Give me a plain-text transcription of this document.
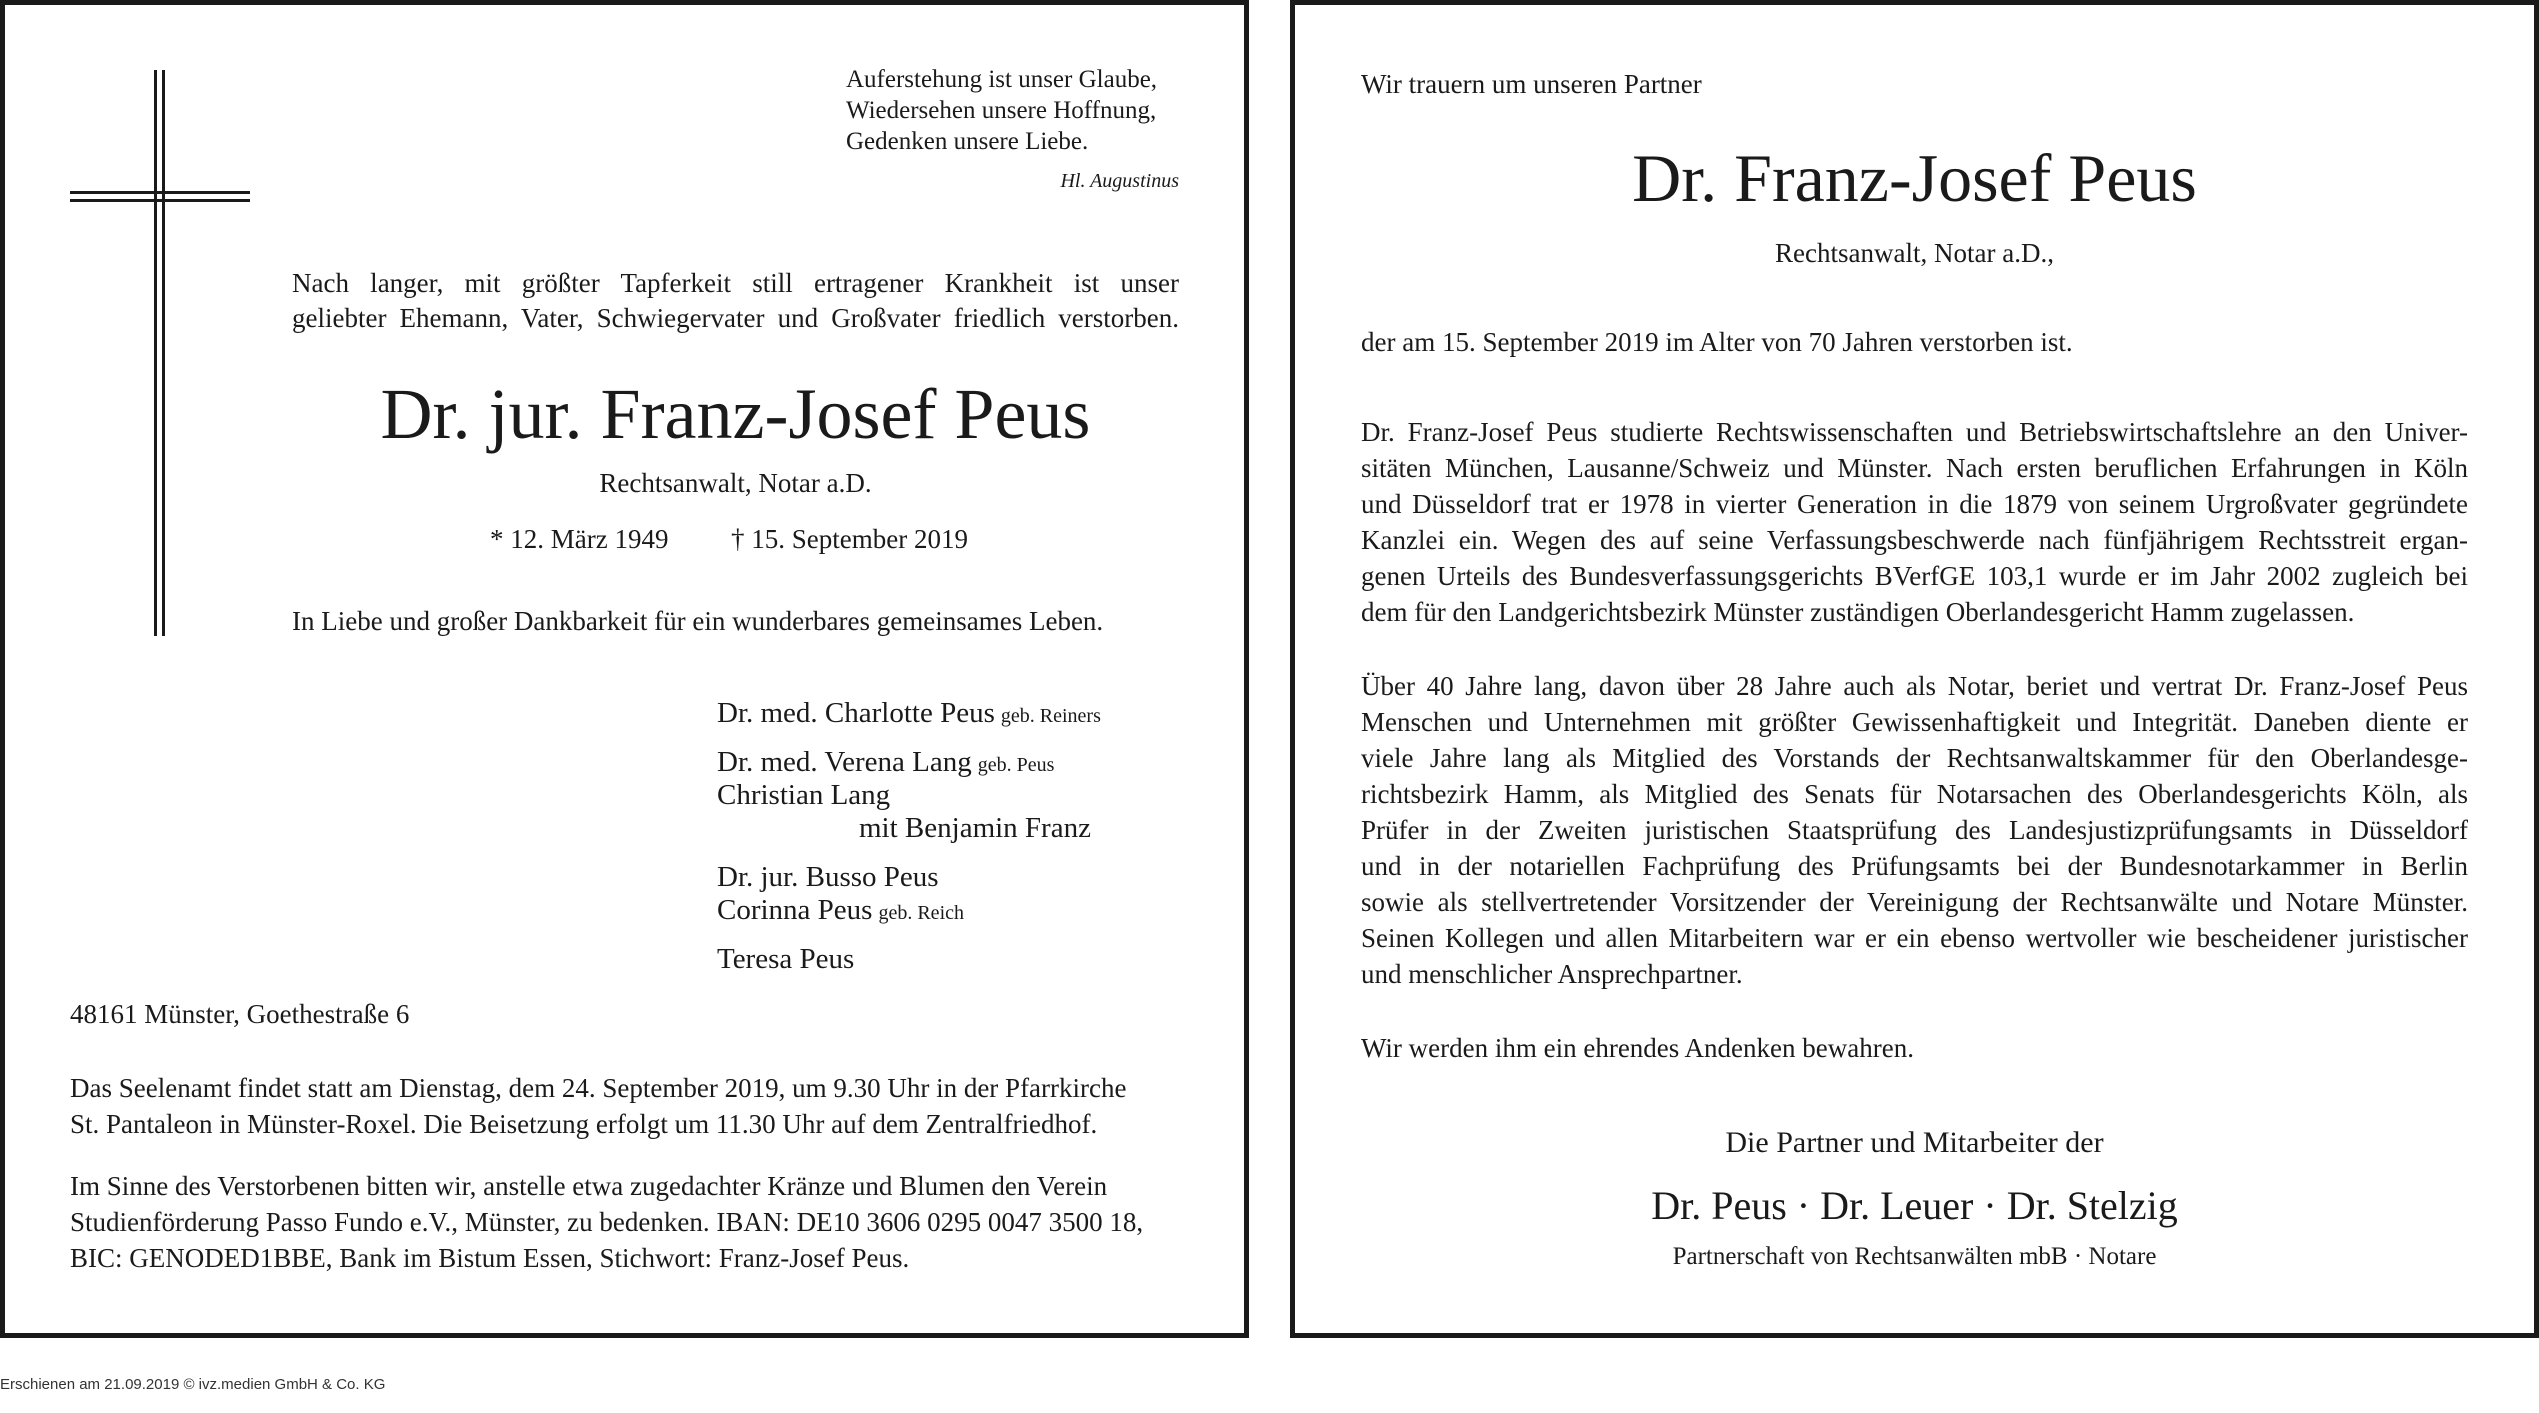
Auferstehung ist unser Glaube,
Wiedersehen unsere Hoffnung,
Gedenken unsere Liebe.
Hl. Augustinus
Nach langer, mit größter Tapferkeit still ertragener Krankheit ist unser
geliebter Ehemann, Vater, Schwiegervater und Großvater friedlich verstorben.
Dr. jur. Franz-Josef Peus
Rechtsanwalt, Notar a.D.
* 12. März 1949 † 15. September 2019
In Liebe und großer Dankbarkeit für ein wunderbares gemeinsames Leben.
Dr. med. Charlotte Peus geb. Reiners
Dr. med. Verena Lang geb. Peus
Christian Lang
mit Benjamin Franz
Dr. jur. Busso Peus
Corinna Peus geb. Reich
Teresa Peus
48161 Münster, Goethestraße 6
Das Seelenamt findet statt am Dienstag, dem 24. September 2019, um 9.30 Uhr in der Pfarrkirche
St. Pantaleon in Münster-Roxel. Die Beisetzung erfolgt um 11.30 Uhr auf dem Zentralfriedhof.
Im Sinne des Verstorbenen bitten wir, anstelle etwa zugedachter Kränze und Blumen den Verein
Studienförderung Passo Fundo e.V., Münster, zu bedenken. IBAN: DE10 3606 0295 0047 3500 18,
BIC: GENODED1BBE, Bank im Bistum Essen, Stichwort: Franz-Josef Peus.
Wir trauern um unseren Partner
Dr. Franz-Josef Peus
Rechtsanwalt, Notar a.D.,
der am 15. September 2019 im Alter von 70 Jahren verstorben ist.
Dr. Franz-Josef Peus studierte Rechtswissenschaften und Betriebswirtschaftslehre an den Univer-
sitäten München, Lausanne/Schweiz und Münster. Nach ersten beruflichen Erfahrungen in Köln
und Düsseldorf trat er 1978 in vierter Generation in die 1879 von seinem Urgroßvater gegründete
Kanzlei ein. Wegen des auf seine Verfassungsbeschwerde nach fünfjährigem Rechtsstreit ergan-
genen Urteils des Bundesverfassungsgerichts BVerfGE 103,1 wurde er im Jahr 2002 zugleich bei
dem für den Landgerichtsbezirk Münster zuständigen Oberlandesgericht Hamm zugelassen.
Über 40 Jahre lang, davon über 28 Jahre auch als Notar, beriet und vertrat Dr. Franz-Josef Peus
Menschen und Unternehmen mit größter Gewissenhaftigkeit und Integrität. Daneben diente er
viele Jahre lang als Mitglied des Vorstands der Rechtsanwaltskammer für den Oberlandesge-
richtsbezirk Hamm, als Mitglied des Senats für Notarsachen des Oberlandesgerichts Köln, als
Prüfer in der Zweiten juristischen Staatsprüfung des Landesjustizprüfungsamts in Düsseldorf
und in der notariellen Fachprüfung des Prüfungsamts bei der Bundesnotarkammer in Berlin
sowie als stellvertretender Vorsitzender der Vereinigung der Rechtsanwälte und Notare Münster.
Seinen Kollegen und allen Mitarbeitern war er ein ebenso wertvoller wie bescheidener juristischer
und menschlicher Ansprechpartner.
Wir werden ihm ein ehrendes Andenken bewahren.
Die Partner und Mitarbeiter der
Dr. Peus · Dr. Leuer · Dr. Stelzig
Partnerschaft von Rechtsanwälten mbB · Notare
Erschienen am 21.09.2019 © ivz.medien GmbH & Co. KG
